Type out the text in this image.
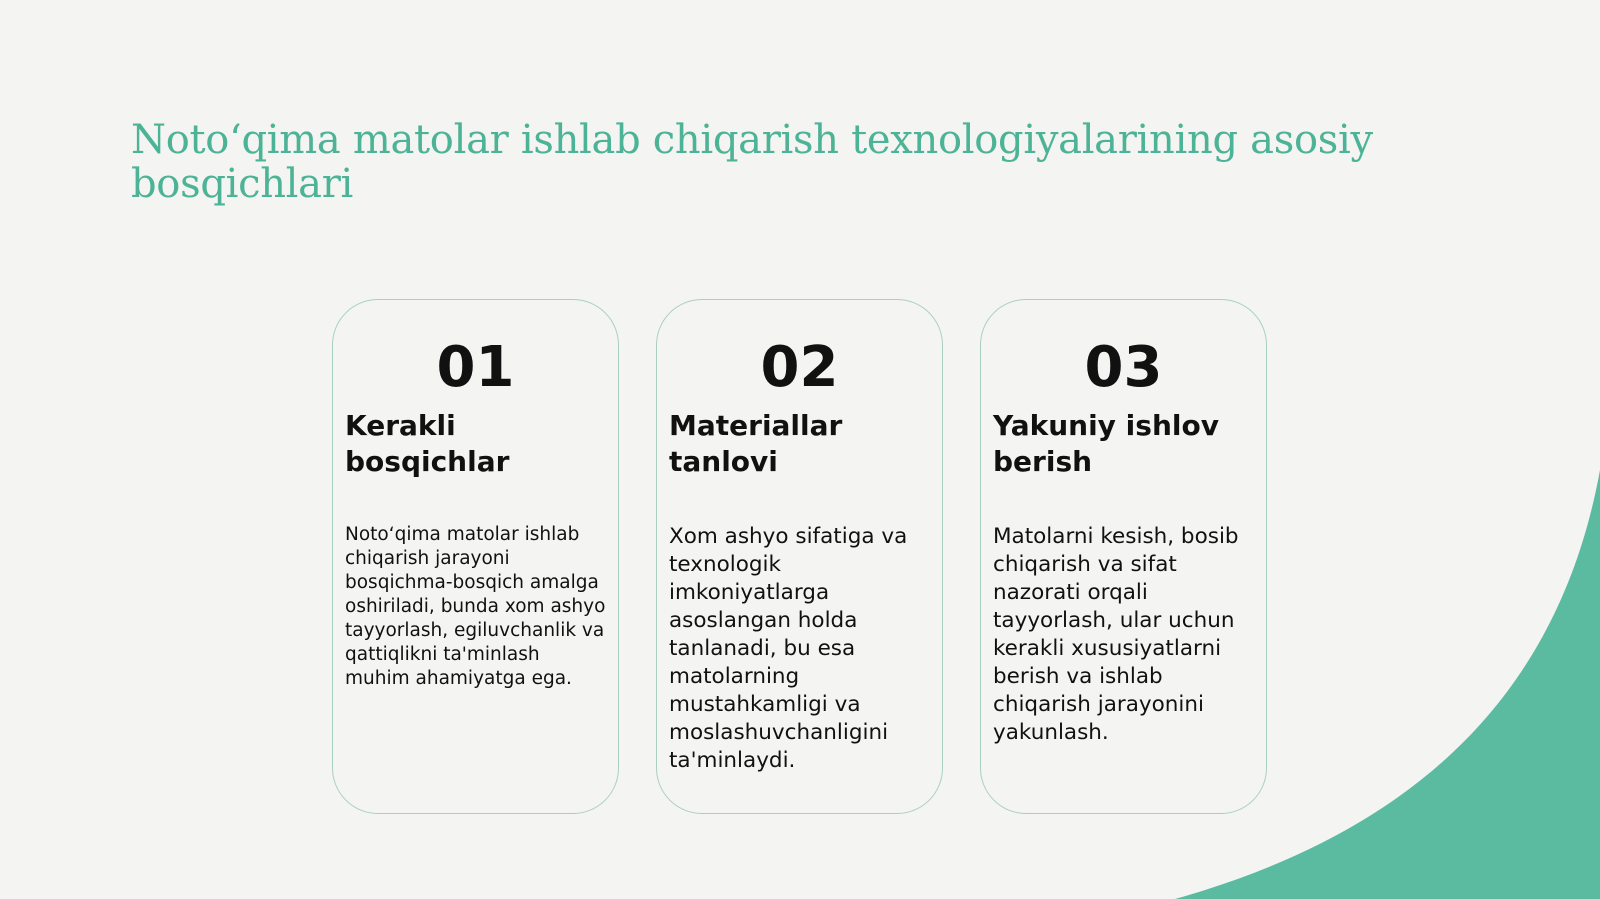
Noto‘qima matolar ishlab chiqarish texnologiyalarining asosiy bosqichlari
01
Kerakli bosqichlar

Noto‘qima matolar ishlab chiqarish jarayoni bosqichma-bosqich amalga oshiriladi, bunda xom ashyo tayyorlash, egiluvchanlik va qattiqlikni ta'minlash muhim ahamiyatga ega.

02
Materiallar tanlovi

Xom ashyo sifatiga va texnologik imkoniyatlarga asoslangan holda tanlanadi, bu esa matolarning mustahkamligi va moslashuvchanligini ta'minlaydi.

03
Yakuniy ishlov berish

Matolarni kesish, bosib chiqarish va sifat nazorati orqali tayyorlash, ular uchun kerakli xususiyatlarni berish va ishlab chiqarish jarayonini yakunlash.
